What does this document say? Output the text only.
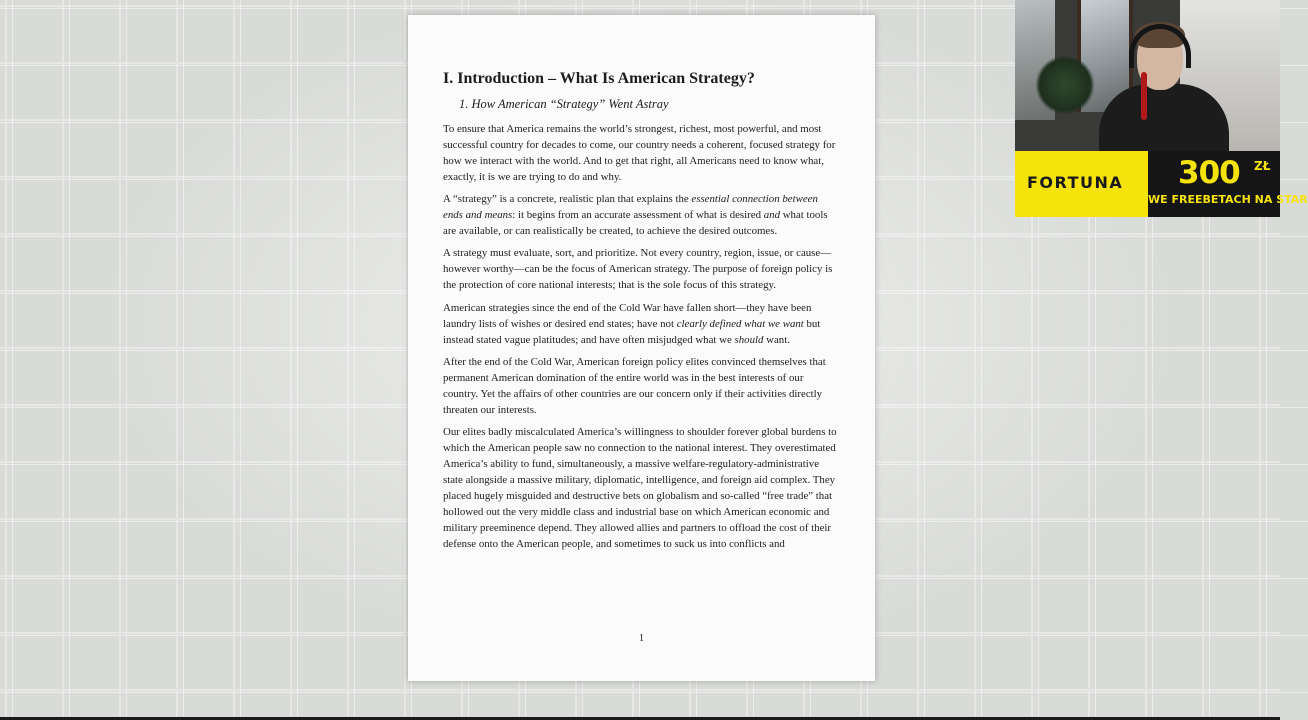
I. Introduction – What Is American Strategy?
1. How American “Strategy” Went Astray

To ensure that America remains the world’s strongest, richest, most powerful, and most successful country for decades to come, our country needs a coherent, focused strategy for how we interact with the world. And to get that right, all Americans need to know what, exactly, it is we are trying to do and why.

A “strategy” is a concrete, realistic plan that explains the essential connection between ends and means: it begins from an accurate assessment of what is desired and what tools are available, or can realistically be created, to achieve the desired outcomes.

A strategy must evaluate, sort, and prioritize. Not every country, region, issue, or cause—however worthy—can be the focus of American strategy. The purpose of foreign policy is the protection of core national interests; that is the sole focus of this strategy.

American strategies since the end of the Cold War have fallen short—they have been laundry lists of wishes or desired end states; have not clearly defined what we want but instead stated vague platitudes; and have often misjudged what we should want.

After the end of the Cold War, American foreign policy elites convinced themselves that permanent American domination of the entire world was in the best interests of our country. Yet the affairs of other countries are our concern only if their activities directly threaten our interests.

Our elites badly miscalculated America’s willingness to shoulder forever global burdens to which the American people saw no connection to the national interest. They overestimated America’s ability to fund, simultaneously, a massive welfare-regulatory-administrative state alongside a massive military, diplomatic, intelligence, and foreign aid complex. They placed hugely misguided and destructive bets on globalism and so-called “free trade” that hollowed out the very middle class and industrial base on which American economic and military preeminence depend. They allowed allies and partners to offload the cost of their defense onto the American people, and sometimes to suck us into conflicts and

1
FORTUNA 300 ZŁ
WE FREEBETACH NA STAR
